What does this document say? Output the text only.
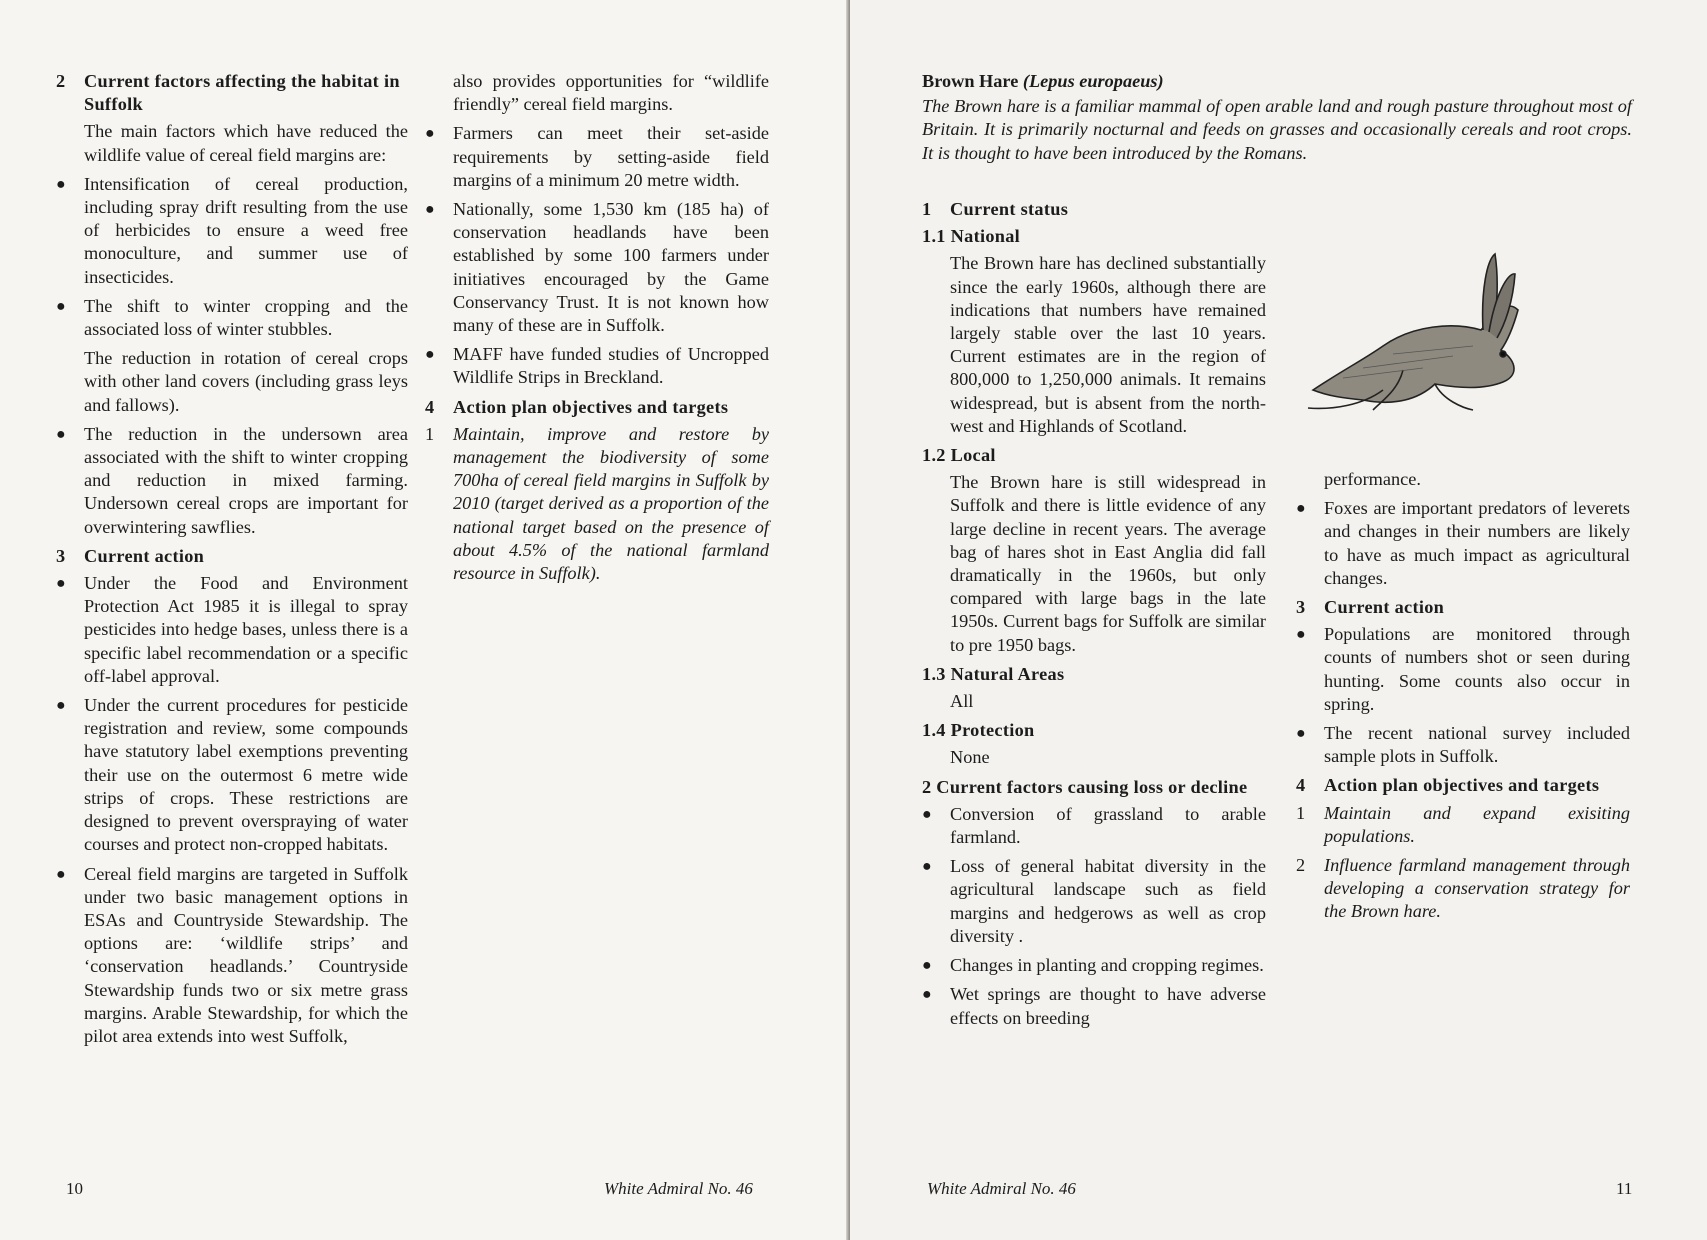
2	Current factors affecting the habitat in Suffolk

The main factors which have reduced the wildlife value of cereal field margins are:

●	Intensification of cereal production, including spray drift resulting from the use of herbicides to ensure a weed free monoculture, and summer use of insecticides.
●	The shift to winter cropping and the associated loss of winter stubbles.

The reduction in rotation of cereal crops with other land covers (including grass leys and fallows).

●	The reduction in the undersown area associated with the shift to winter cropping and reduction in mixed farming. Undersown cereal crops are important for overwintering sawflies.
3	Current action
●	Under the Food and Environment Protection Act 1985 it is illegal to spray pesticides into hedge bases, unless there is a specific label recommendation or a specific off-label approval.
●	Under the current procedures for pesticide registration and review, some compounds have statutory label exemptions preventing their use on the outermost 6 metre wide strips of crops. These restrictions are designed to prevent overspraying of water courses and protect non-cropped habitats.
●	Cereal field margins are targeted in Suffolk under two basic management options in ESAs and Countryside Stewardship. The options are: ‘wildlife strips’ and ‘conservation headlands.’ Countryside Stewardship funds two or six metre grass margins. Arable Stewardship, for which the pilot area extends into west Suffolk,

also provides opportunities for “wildlife friendly” cereal field margins.

●	Farmers can meet their set-aside requirements by setting-aside field margins of a minimum 20 metre width.
●	Nationally, some 1,530 km (185 ha) of conservation headlands have been established by some 100 farmers under initiatives encouraged by the Game Conservancy Trust. It is not known how many of these are in Suffolk.
●	MAFF have funded studies of Uncropped Wildlife Strips in Breckland.
4	Action plan objectives and targets
1	Maintain, improve and restore by management the biodiversity of some 700ha of cereal field margins in Suffolk by 2010 (target derived as a proportion of the national target based on the presence of about 4.5% of the national farmland resource in Suffolk).
10	White Admiral No. 46
Brown Hare (Lepus europaeus)

The Brown hare is a familiar mammal of open arable land and rough pasture throughout most of Britain. It is primarily nocturnal and feeds on grasses and occasionally cereals and root crops. It is thought to have been introduced by the Romans.

1	Current status
1.1 National

The Brown hare has declined substantially since the early 1960s, although there are indications that numbers have remained largely stable over the last 10 years. Current estimates are in the region of 800,000 to 1,250,000 animals. It remains widespread, but is absent from the north-west and Highlands of Scotland.

1.2 Local

The Brown hare is still widespread in Suffolk and there is little evidence of any large decline in recent years. The average bag of hares shot in East Anglia did fall dramatically in the 1960s, but only compared with large bags in the late 1950s. Current bags for Suffolk are similar to pre 1950 bags.

1.3 Natural Areas

All

1.4 Protection

None

2 Current factors causing loss or decline
●	Conversion of grassland to arable farmland.
●	Loss of general habitat diversity in the agricultural landscape such as field margins and hedgerows as well as crop diversity .
●	Changes in planting and cropping regimes.
●	Wet springs are thought to have adverse effects on breeding

performance.

●	Foxes are important predators of leverets and changes in their numbers are likely to have as much impact as agricultural changes.
3	Current action
●	Populations are monitored through counts of numbers shot or seen during hunting. Some counts also occur in spring.
●	The recent national survey included sample plots in Suffolk.
4	Action plan objectives and targets
1	Maintain and expand exisiting populations.
2	Influence farmland management through developing a conservation strategy for the Brown hare.
White Admiral No. 46	11
